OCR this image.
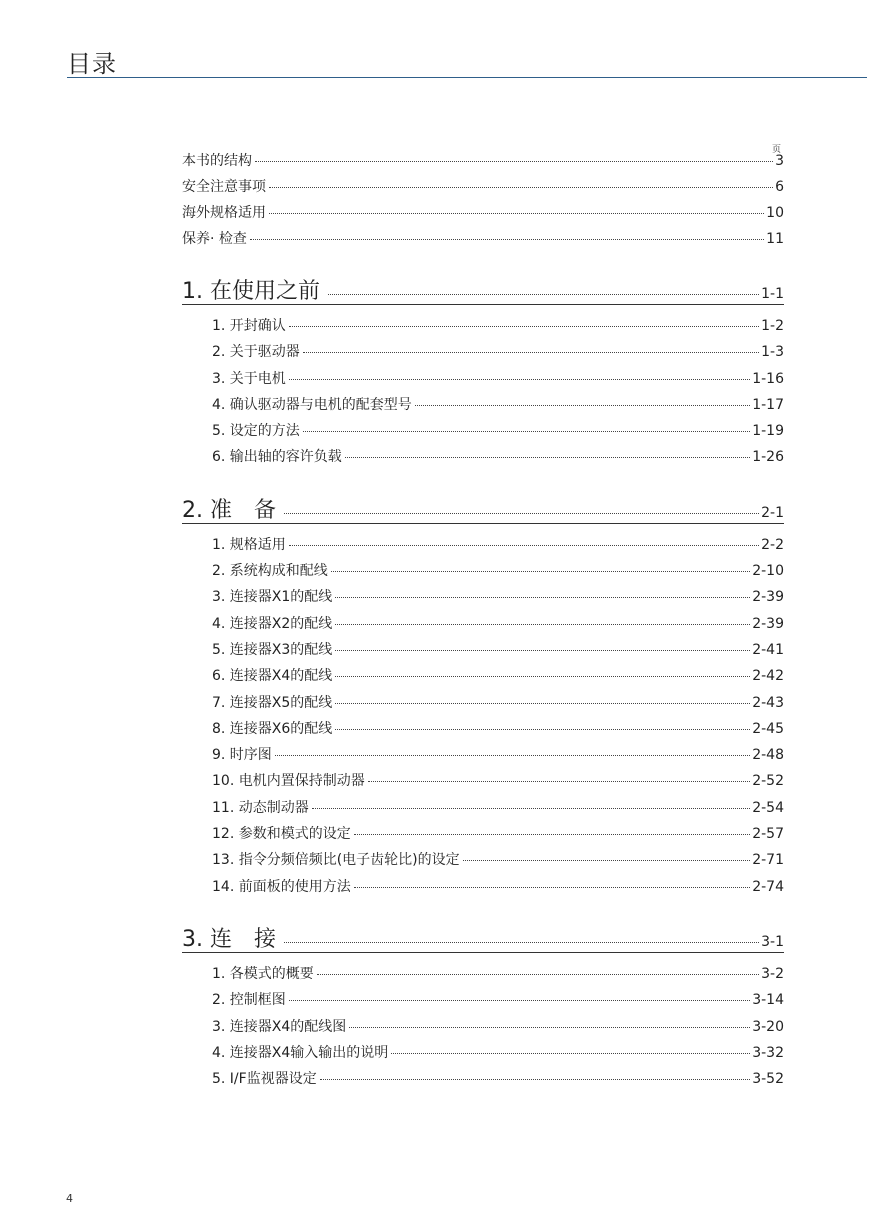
目录
页
本书的结构	3
安全注意事项	6
海外规格适用	10
保养· 检查	11
1. 在使用之前	1-1
1. 开封确认	1-2
2. 关于驱动器	1-3
3. 关于电机	1-16
4. 确认驱动器与电机的配套型号	1-17
5. 设定的方法	1-19
6. 输出轴的容许负载	1-26
2. 准　备	2-1
1. 规格适用	2-2
2. 系统构成和配线	2-10
3. 连接器X1的配线	2-39
4. 连接器X2的配线	2-39
5. 连接器X3的配线	2-41
6. 连接器X4的配线	2-42
7. 连接器X5的配线	2-43
8. 连接器X6的配线	2-45
9. 时序图	2-48
10. 电机内置保持制动器	2-52
11. 动态制动器	2-54
12. 参数和模式的设定	2-57
13. 指令分频倍频比(电子齿轮比)的设定	2-71
14. 前面板的使用方法	2-74
3. 连　接	3-1
1. 各模式的概要	3-2
2. 控制框图	3-14
3. 连接器X4的配线图	3-20
4. 连接器X4输入输出的说明	3-32
5. I/F监视器设定	3-52
4
